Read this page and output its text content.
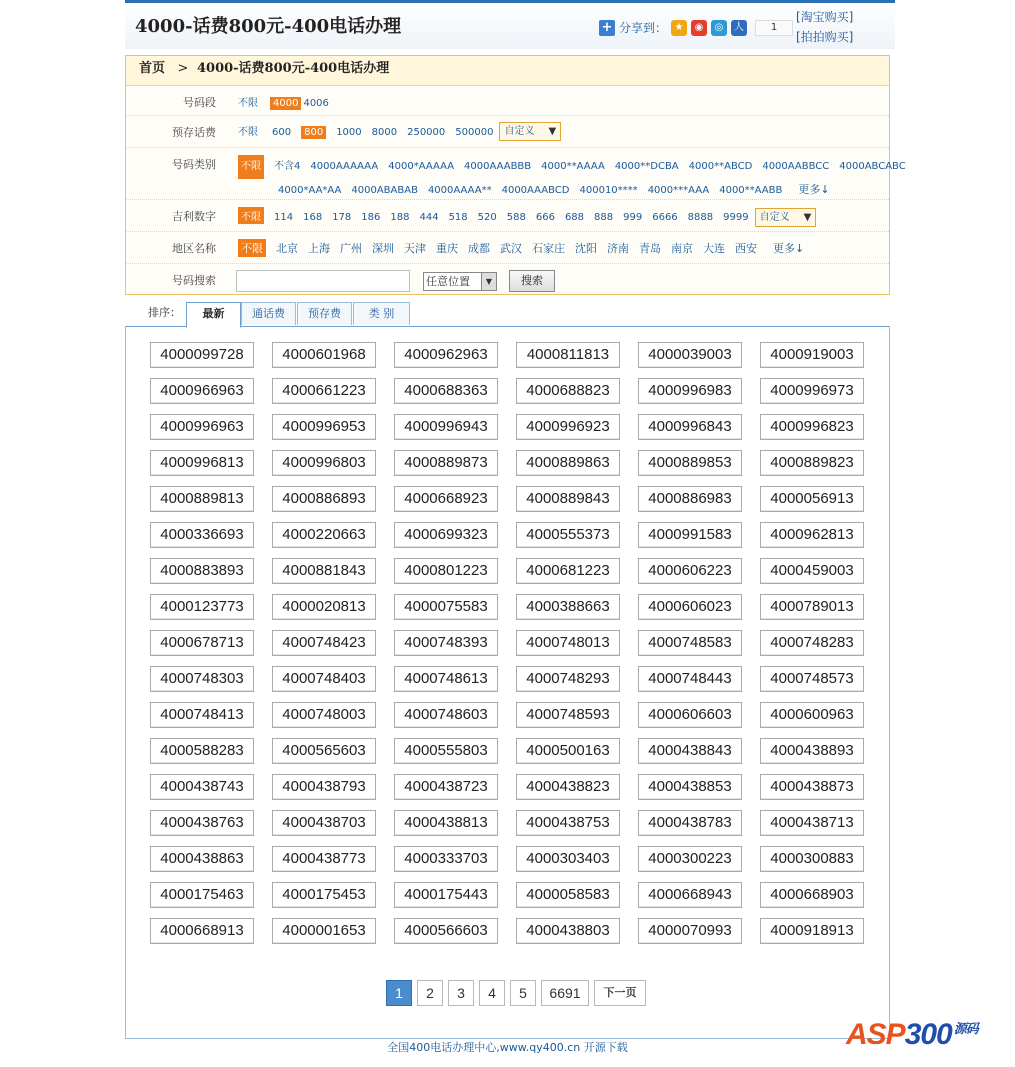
4000-话费800元-400电话办理	+ 分享到： ★	◉	◎	人	1
[淘宝购买]
[拍拍购买]
首页 > 4000-话费800元-400电话办理
号码段 不限 4000 4006
预存话费 不限 600 800 1000 8000 250000 500000 自定义 ▼
号码类别	不限 不含4 4000AAAAAA 4000*AAAAA 4000AAABBB 4000**AAAA 4000**DCBA 4000**ABCD 4000AABBCC 4000ABCABC
4000*AA*AA 4000ABABAB 4000AAAA** 4000AAABCD 400010**** 4000***AAA 4000**AABB 更多↓
吉利数字	不限 114 168 178 186 188 444 518 520 588 666 688 888 999 6666 8888 9999 自定义 ▼
地区名称 不限 北京 上海 广州 深圳 天津 重庆 成都 武汉 石家庄 沈阳 济南 青岛 南京 大连 西安 更多↓
号码搜索	任意位置	▼	搜索
排序：	最新	通话费	预存费	类 别
4000099728	4000601968	4000962963	4000811813	4000039003	4000919003
4000966963	4000661223	4000688363	4000688823	4000996983	4000996973
4000996963	4000996953	4000996943	4000996923	4000996843	4000996823
4000996813	4000996803	4000889873	4000889863	4000889853	4000889823
4000889813	4000886893	4000668923	4000889843	4000886983	4000056913
4000336693	4000220663	4000699323	4000555373	4000991583	4000962813
4000883893	4000881843	4000801223	4000681223	4000606223	4000459003
4000123773	4000020813	4000075583	4000388663	4000606023	4000789013
4000678713	4000748423	4000748393	4000748013	4000748583	4000748283
4000748303	4000748403	4000748613	4000748293	4000748443	4000748573
4000748413	4000748003	4000748603	4000748593	4000606603	4000600963
4000588283	4000565603	4000555803	4000500163	4000438843	4000438893
4000438743	4000438793	4000438723	4000438823	4000438853	4000438873
4000438763	4000438703	4000438813	4000438753	4000438783	4000438713
4000438863	4000438773	4000333703	4000303403	4000300223	4000300883
4000175463	4000175453	4000175443	4000058583	4000668943	4000668903
4000668913	4000001653	4000566603	4000438803	4000070993	4000918913
1	2	3	4	5	6691	下一页
全国400电话办理中心,www.qy400.cn 开源下载	ASP300 $^{源码}$
